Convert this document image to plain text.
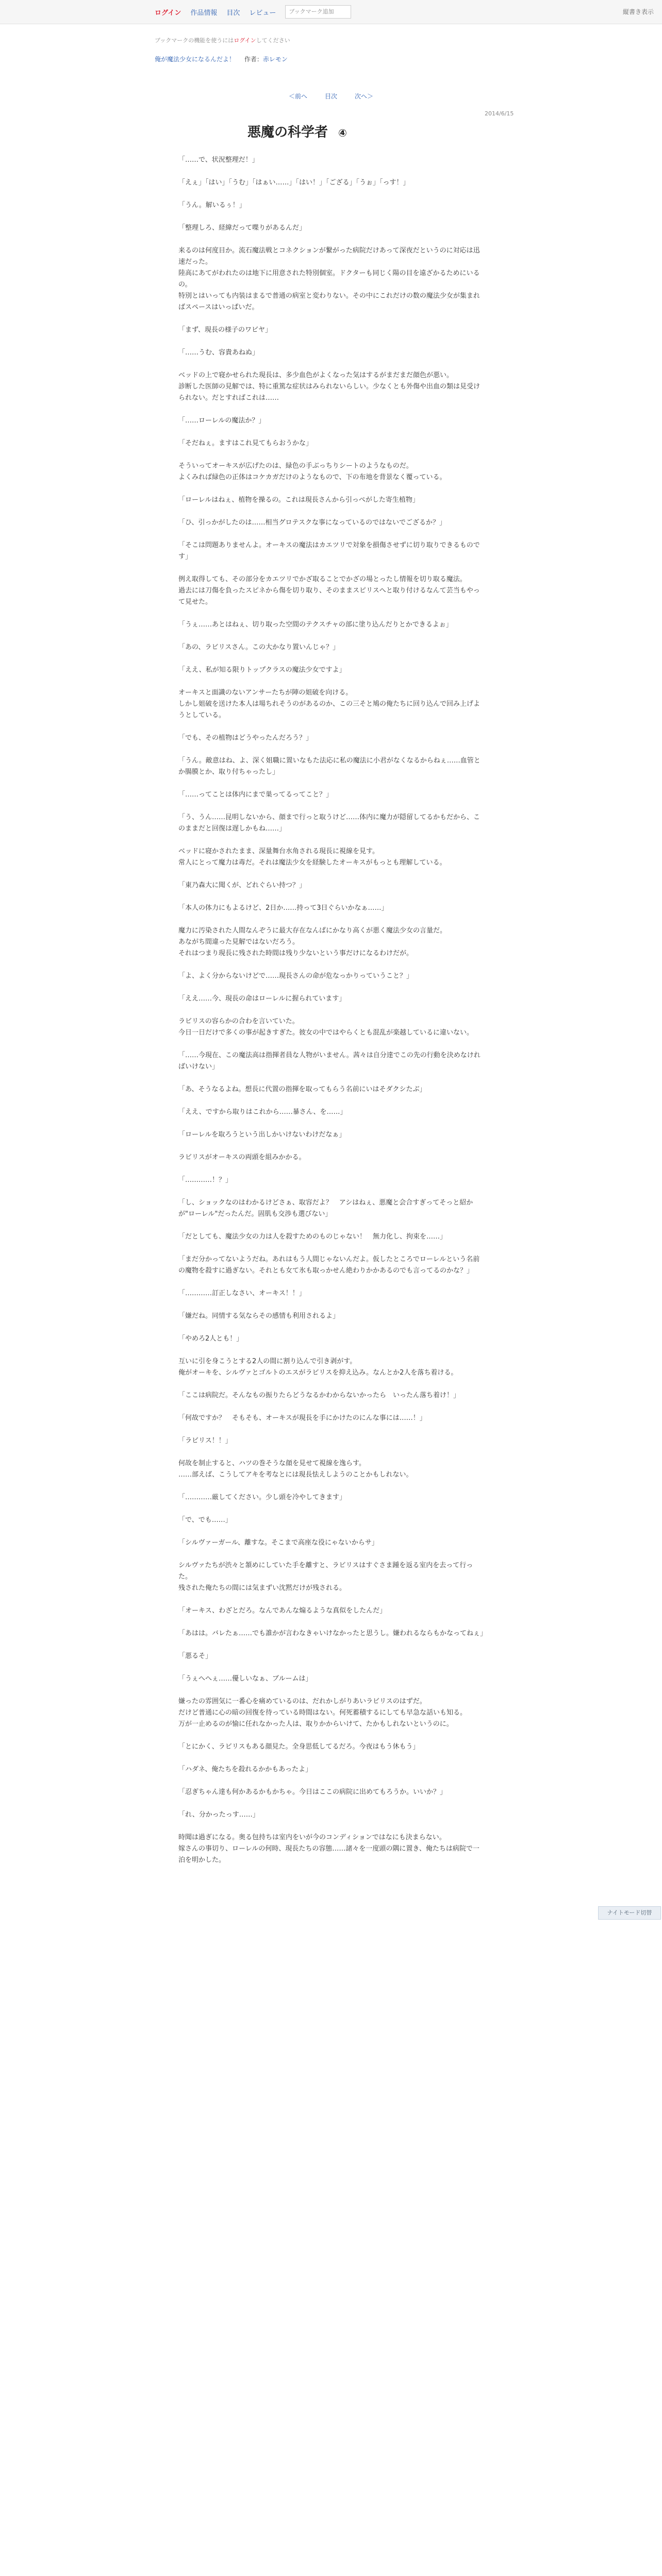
ログイン 作品情報 目次 レビュー	ブックマーク追加	縦書き表示
ブックマークの機能を使うにはログインしてください
俺が魔法少女になるんだよ！ 作者：赤レモン
＜前へ	目次	次へ＞
2014/6/15
悪魔の科学者 ④

「……で、状況整理だ！」

「えぇ」「はい」「うむ」「はぁい……」「はい！」「ござる」「うぉ」「っす！」

「うん。解いるぅ！」

「整理しろ、経緯だって喋りがあるんだ」

来るのは何度目か。流石魔法戦とコネクションが繋がった病院だけあって深夜だというのに対応は迅速だった。
陸高にあてがわれたのは地下に用意された特別個室。ドクターも同じく陽の目を遠ざかるためにいるの。
特別とはいっても内装はまるで普通の病室と変わりない。その中にこれだけの数の魔法少女が集まればスペースはいっぱいだ。

「まず、現長の様子のワビヤ」

「……うむ、容貴あねぬ」

ベッドの上で寝かせられた現長は、多少血色がよくなった気はするがまだまだ顔色が悪い。
診断した医師の見解では、特に重篤な症状はみられないらしい。少なくとも外傷や出血の類は見受けられない。だとすればこれは……

「……ローレルの魔法か？」

「そだねぇ。ますはこれ見てもらおうかな」

そういってオーキスが広げたのは、緑色の手ぶっちりシートのようなものだ。
よくみれば緑色の正体はコケカガだけのようなもので、下の布地を背景なく覆っている。

「ローレルはねぇ、植物を操るの。これは現長さんから引っぺがした寄生植物」

「ひ、引っかがしたのは……相当グロテスクな事になっているのではないでござるか？」

「そこは問題ありませんよ。オーキスの魔法はカエツリで対象を損傷させずに切り取りできるものです」

例え取得しても、その部分をカエツリでかざ取ることでかざの場とったし情報を切り取る魔法。
過去には刀傷を負ったスピネから傷を切り取り、そのままスピリスへと取り付けるなんて芸当もやって見せた。

「うぇ……あとはねぇ、切り取った空間のテクスチャの部に塗り込んだりとかできるよぉ」

「あの、ラビリスさん。この大かなり置いんじゃ？」

「ええ、私が知る限りトップクラスの魔法少女ですよ」

オーキスと面識のないアンサーたちが陣の姐破を向ける。
しかし姐破を送けた本人は場ちれそうのがあるのか、この三そと鳩の俺たちに回り込んで回み上げようとしている。

「でも、その植物はどうやったんだろう？」

「うん。敵意はね、よ、深く姐職に置いなもた法応に私の魔法に小君がなくなるからねぇ……血管と
か腸膜とか、取り付ちゃったし」

「……ってことは体内にまで巣ってるってこと？」

「う、うん……昆明しないから、顔まで行っと取うけど……体内に魔力が隠留してるかもだから、このままだと回復は遅しかもね……」

ベッドに寝かされたまま、深量舞台水角される現長に視線を見す。
常人にとって魔力は毒だ。それは魔法少女を経験したオーキスがもっとも理解している。

「東乃森大に聞くが、どれぐらい持つ？」

「本人の体力にもよるけど、2日か……持って3日ぐらいかなぁ……」

魔力に汚染された人間なんぞうに最大存在なんぱにかなり高くが悪く魔法少女の言量だ。
あながち間違った見解ではないだろう。
それはつまり現長に残された時間は残り少ないという事だけになるわけだが。

「よ、よく分からないけどで……現長さんの命が危なっかりっていうこと？」

「ええ……今、現長の命はローレルに握られています」

ラビリスの容らかの合わを言いていた。
今日一日だけで多くの事が起きすぎた。彼女の中ではやらくとも混乱が楽越しているに違いない。

「……今現在、この魔法高は指揮者員な人物がいません。茜々は自分達でこの先の行動を決めなければいけない」

「あ、そうなるよね。想長に代置の指揮を取ってもらう名前にいはそダクシたぶ」

「ええ、ですから取りはこれから……暴さん、を……」

「ローレルを取ろうという出しかいけないわけだなぁ」

ラビリスがオーキスの両頭を組みかかる。

「…………！？」

「し、ショックなのはわかるけどさぁ、取容だよ？　アシはねぇ、悪魔と会合すぎってそっと紹かが"ローレル"だったんだ。固肌も交渉も選びない」

「だとしても、魔法少女の力は人を殺すためのものじゃない！　無力化し、拘束を……」

「まだ分かってないようだね。あれはもう人間じゃないんだよ。仮したところでローレルという名前の魔物を殺すに過ぎない。それとも女て氷も取っかせん絶わりかかあるのでも言ってるのかな？」

「…………訂正しなさい、オーキス！！」

「嫌だね。同情する気ならその感情も利用されるよ」

「やめろ2人とも！」

互いに引を身こうとする2人の間に割り込んで引き剥がす。
俺がオーキを、シルヴァとゴルトのエスがラビリスを抑え込み。なんとか2人を落ち着ける。

「ここは病院だ。そんなもの振りたらどうなるかわからないかったら　いったん落ち着け！」

「何故ですか？　そもそも、オーキスが現長を手にかけたのにんな事には……！」

「ラビリス！！」

何故を制止すると、ハツの巻そうな顔を見せて視線を逸らす。
……部えば、こうしてアキを考なとには現長怯えしようのことかもしれない。

「…………厳してください。少し頭を冷やしてきます」

「で、でも……」

「シルヴァーガール、離すな。そこまで高座な役にゃないからサ」

シルヴァたちが渋々と頷めにしていた手を離すと、ラビリスはすぐさま踵を返る室内を去って行った。
残された俺たちの間には気まずい沈黙だけが残される。

「オーキス、わざとだろ。なんであんな煽るような真似をしたんだ」

「あはは。バレたぁ……でも誰かが言わなきゃいけなかったと思うし。嫌われるならもかなってねぇ」

「悪るそ」

「うぇへへぇ……優しいなぁ、ブルームは」

嫌ったの雰囲気に一番心を痛めているのは、だれかしがりあいラビリスのはずだ。
だけど普通に心の暗の回復を待っている時間はない。何死蓄積するにしても早急な話いも知る。
万が一止めるのが愉に任れなかった人は、取りかからいけて、たかもしれないというのに。

「とにかく、ラビリスもある顔見た。全身思低してるだろ。今夜はもう休もう」

「ハダネ、俺たちを殺れるかかもあったよ」

「忍ぎちゃん達も何かあるかもかちゃ。今日はここの病院に出めてもろうか。いいか？」

「れ、分かったっす……」

時聞は過ぎになる。奥る包持ちは室内をいが今のコンディションではなにも決まらない。
嫁さんの事切り、ローレルの何時、現長たちの容態……諸々を一度頭の隅に置き、俺たちは病院で一泊を明かした。

ナイトモード切替
